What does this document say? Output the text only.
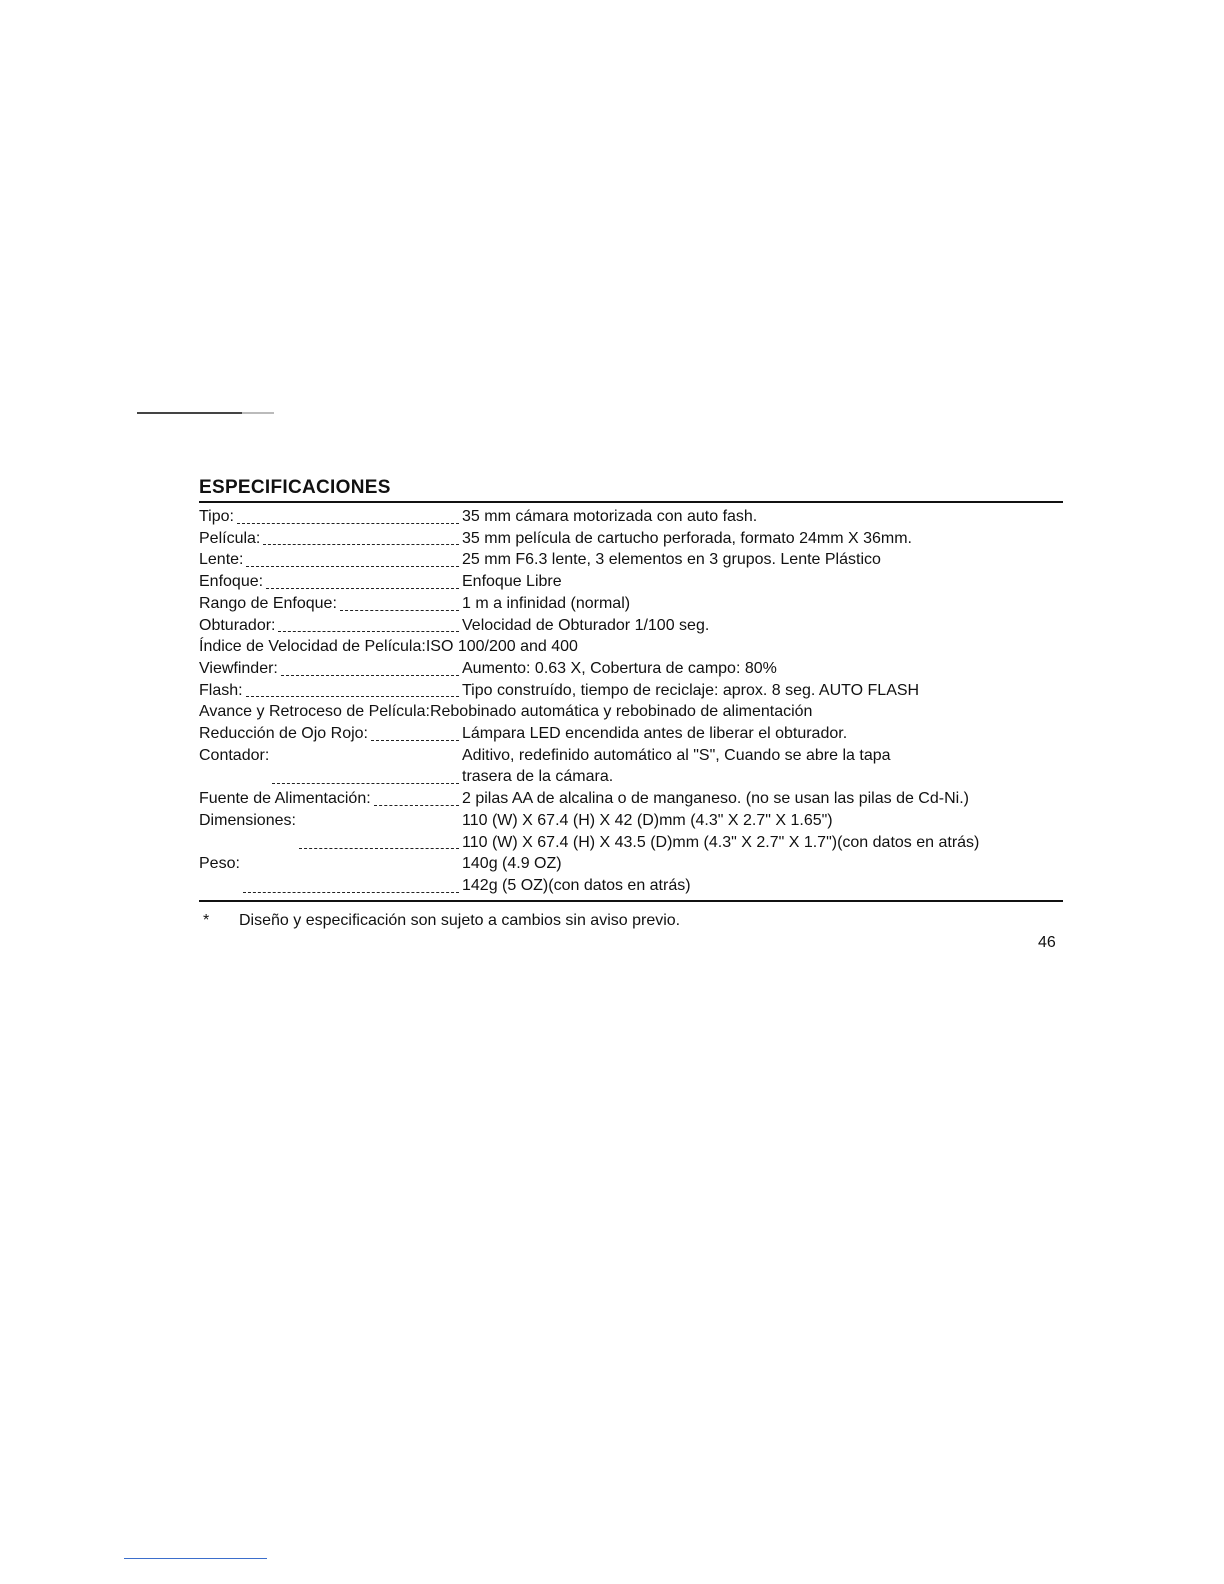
ESPECIFICACIONES
Tipo:	35 mm cámara motorizada con auto fash.
Película:	35 mm película de cartucho perforada, formato 24mm X 36mm.
Lente:	25 mm F6.3 lente, 3 elementos en 3 grupos. Lente Plástico
Enfoque:	Enfoque Libre
Rango de Enfoque:	1 m a infinidad (normal)
Obturador:	Velocidad de Obturador 1/100 seg.
Índice de Velocidad de Película: ISO 100/200 and 400
Viewfinder:	Aumento: 0.63 X, Cobertura de campo: 80%
Flash:	Tipo construído, tiempo de reciclaje: aprox. 8 seg. AUTO FLASH
Avance y Retroceso de Película: Rebobinado automática y rebobinado de alimentación
Reducción de Ojo Rojo:	Lámpara LED encendida antes de liberar el obturador.
Contador:	Aditivo, redefinido automático al "S", Cuando se abre la tapa
trasera de la cámara.
Fuente de Alimentación:	2 pilas AA de alcalina o de manganeso. (no se usan las pilas de Cd-Ni.)
Dimensiones:	110 (W) X 67.4 (H) X 42 (D)mm (4.3" X 2.7" X 1.65")
110 (W) X 67.4 (H) X 43.5 (D)mm (4.3" X 2.7" X 1.7")(con datos en atrás)
Peso:	140g (4.9 OZ)
142g (5 OZ)(con datos en atrás)
*	Diseño y especificación son sujeto a cambios sin aviso previo.
46
